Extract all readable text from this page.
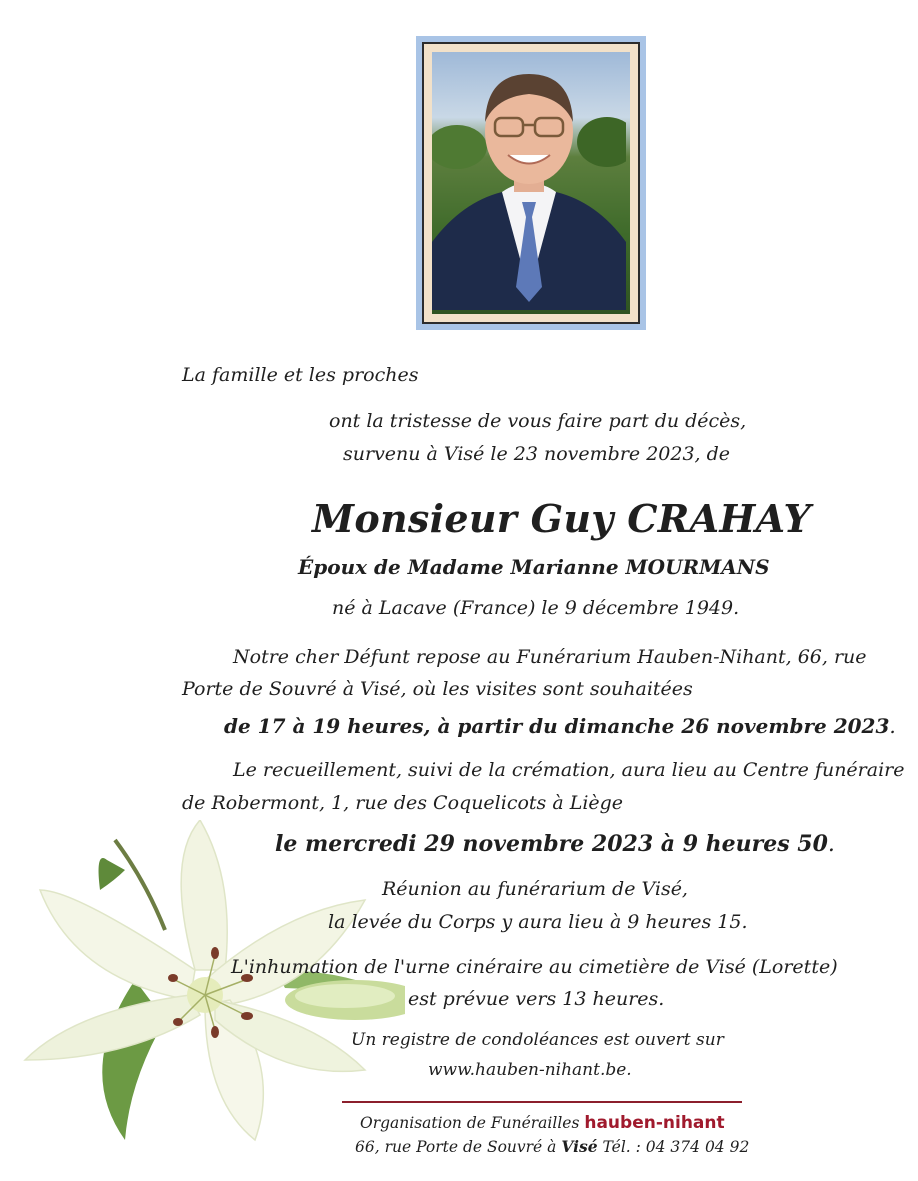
La famille et les proches
ont la tristesse de vous faire part du décès,
survenu à Visé le 23 novembre 2023, de
Monsieur Guy CRAHAY
Époux de Madame Marianne MOURMANS
né à Lacave (France) le 9 décembre 1949.
Notre cher Défunt repose au Funérarium Hauben-Nihant, 66, rue
Porte de Souvré à Visé, où les visites sont souhaitées
de 17 à 19 heures, à partir du dimanche 26 novembre 2023.
Le recueillement, suivi de la crémation, aura lieu au Centre funéraire
de Robermont, 1, rue des Coquelicots à Liège
le mercredi 29 novembre 2023 à 9 heures 50.
Réunion au funérarium de Visé,
la levée du Corps y aura lieu à 9 heures 15.
L'inhumation de l'urne cinéraire au cimetière de Visé (Lorette)
est prévue vers 13 heures.
Un registre de condoléances est ouvert sur
www.hauben-nihant.be.
Organisation de Funérailles hauben-nihant
66, rue Porte de Souvré à Visé Tél. : 04 374 04 92
